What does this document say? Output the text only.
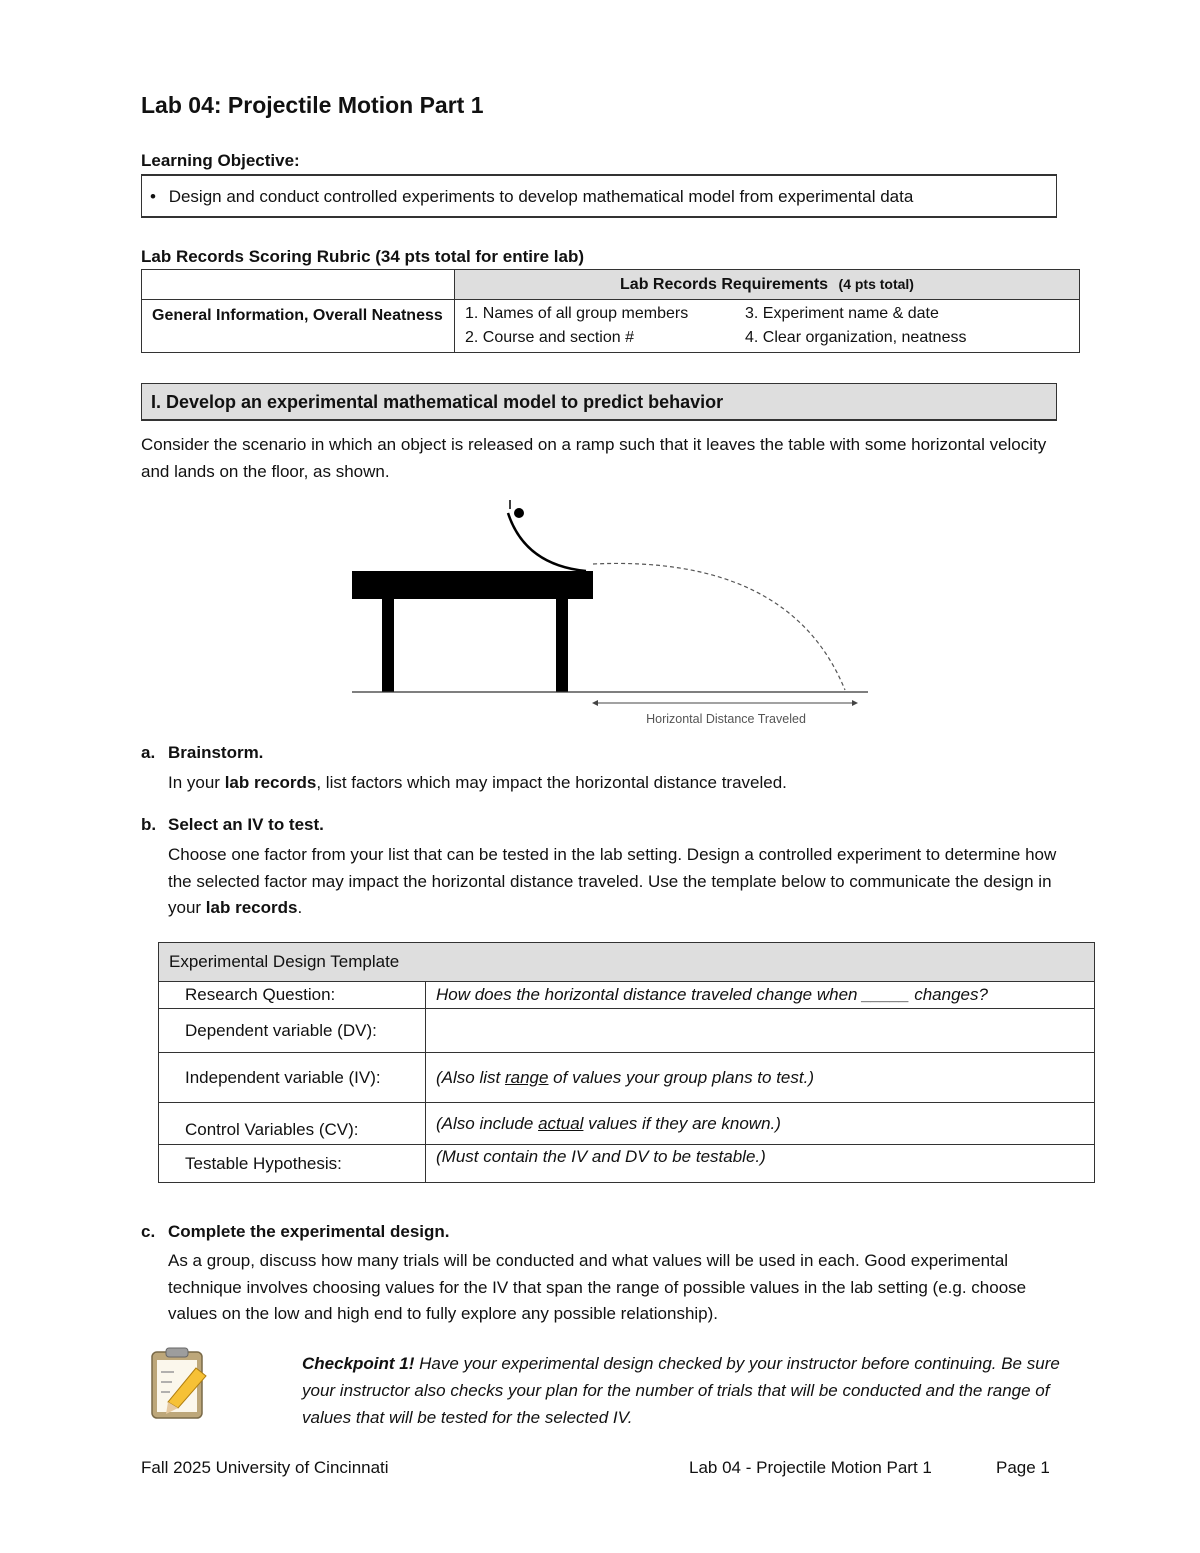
Lab 04: Projectile Motion Part 1
Learning Objective:
• Design and conduct controlled experiments to develop mathematical model from experimental data
Lab Records Scoring Rubric (34 pts total for entire lab)
	Lab Records Requirements (4 pts total)
General Information, Overall Neatness	1. Names of all group members 3. Experiment name & date
2. Course and section # 4. Clear organization, neatness
I. Develop an experimental mathematical model to predict behavior
Consider the scenario in which an object is released on a ramp such that it leaves the table with some horizontal velocity and lands on the floor, as shown.
Horizontal Distance Traveled
a. Brainstorm.
In your lab records, list factors which may impact the horizontal distance traveled.
b. Select an IV to test.
Choose one factor from your list that can be tested in the lab setting. Design a controlled experiment to determine how the selected factor may impact the horizontal distance traveled. Use the template below to communicate the design in your lab records.
Experimental Design Template	
Research Question:	How does the horizontal distance traveled change when _____ changes?
Dependent variable (DV):	
Independent variable (IV):	(Also list range of values your group plans to test.)
Control Variables (CV):	(Also include actual values if they are known.)
Testable Hypothesis:	(Must contain the IV and DV to be testable.)
c. Complete the experimental design.
As a group, discuss how many trials will be conducted and what values will be used in each. Good experimental technique involves choosing values for the IV that span the range of possible values in the lab setting (e.g. choose values on the low and high end to fully explore any possible relationship).
Checkpoint 1! Have your experimental design checked by your instructor before continuing. Be sure your instructor also checks your plan for the number of trials that will be conducted and the range of values that will be tested for the selected IV.
Fall 2025 University of Cincinnati	Lab 04 - Projectile Motion Part 1	Page 1
